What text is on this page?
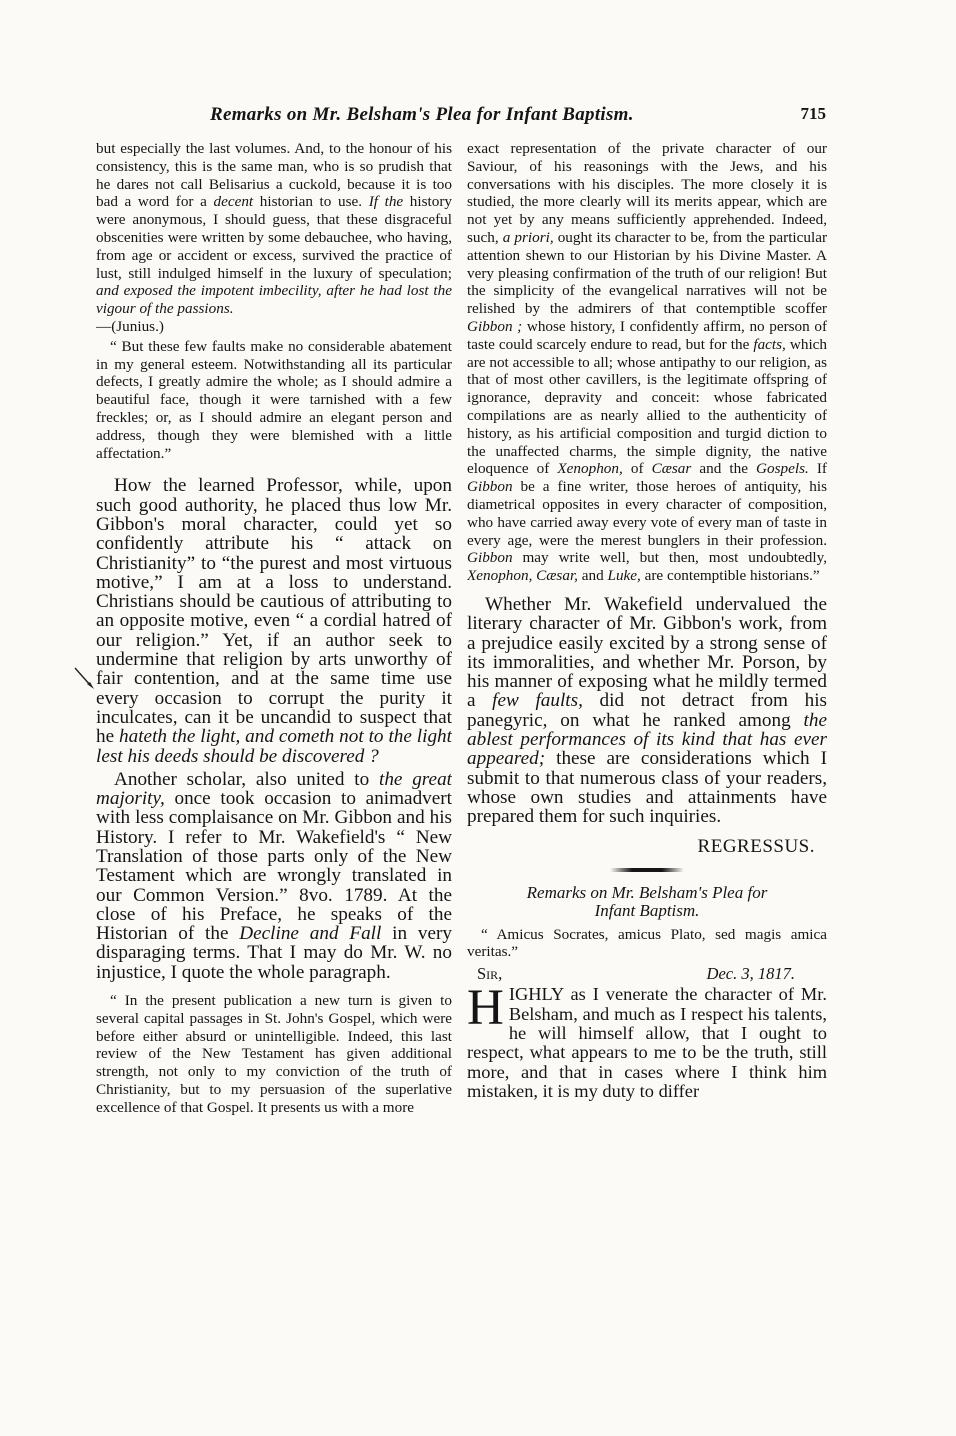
Remarks on Mr. Belsham's Plea for Infant Baptism.	715

but especially the last volumes. And, to the honour of his consistency, this is the same man, who is so prudish that he dares not call Belisarius a cuckold, because it is too bad a word for a decent historian to use. If the history were anonymous, I should guess, that these disgraceful obscenities were written by some debauchee, who having, from age or accident or excess, survived the practice of lust, still indulged himself in the luxury of speculation; and exposed the impotent imbecility, after he had lost the vigour of the passions.
—(Junius.)

“ But these few faults make no considerable abatement in my general esteem. Notwithstanding all its particular defects, I greatly admire the whole; as I should admire a beautiful face, though it were tarnished with a few freckles; or, as I should admire an elegant person and address, though they were blemished with a little affectation.”

How the learned Professor, while, upon such good authority, he placed thus low Mr. Gibbon's moral character, could yet so confidently attribute his “ attack on Christianity” to “the purest and most virtuous motive,” I am at a loss to understand. Christians should be cautious of attributing to an opposite motive, even “ a cordial hatred of our religion.” Yet, if an author seek to undermine that religion by arts unworthy of fair contention, and at the same time use every occasion to corrupt the purity it inculcates, can it be uncandid to suspect that he hateth the light, and cometh not to the light lest his deeds should be discovered ?

Another scholar, also united to the great majority, once took occasion to animadvert with less complaisance on Mr. Gibbon and his History. I refer to Mr. Wakefield's “ New Translation of those parts only of the New Testament which are wrongly translated in our Common Version.” 8vo. 1789. At the close of his Preface, he speaks of the Historian of the Decline and Fall in very disparaging terms. That I may do Mr. W. no injustice, I quote the whole paragraph.

“ In the present publication a new turn is given to several capital passages in St. John's Gospel, which were before either absurd or unintelligible. Indeed, this last review of the New Testament has given additional strength, not only to my conviction of the truth of Christianity, but to my persuasion of the superlative excellence of that Gospel. It presents us with a more

exact representation of the private character of our Saviour, of his reasonings with the Jews, and his conversations with his disciples. The more closely it is studied, the more clearly will its merits appear, which are not yet by any means sufficiently apprehended. Indeed, such, a priori, ought its character to be, from the particular attention shewn to our Historian by his Divine Master. A very pleasing confirmation of the truth of our religion! But the simplicity of the evangelical narratives will not be relished by the admirers of that contemptible scoffer Gibbon ; whose history, I confidently affirm, no person of taste could scarcely endure to read, but for the facts, which are not accessible to all; whose antipathy to our religion, as that of most other cavillers, is the legitimate offspring of ignorance, depravity and conceit: whose fabricated compilations are as nearly allied to the authenticity of history, as his artificial composition and turgid diction to the unaffected charms, the simple dignity, the native eloquence of Xenophon, of Cæsar and the Gospels. If Gibbon be a fine writer, those heroes of antiquity, his diametrical opposites in every character of composition, who have carried away every vote of every man of taste in every age, were the merest bunglers in their profession. Gibbon may write well, but then, most undoubtedly, Xenophon, Cæsar, and Luke, are contemptible historians.”

Whether Mr. Wakefield undervalued the literary character of Mr. Gibbon's work, from a prejudice easily excited by a strong sense of its immoralities, and whether Mr. Porson, by his manner of exposing what he mildly termed a few faults, did not detract from his panegyric, on what he ranked among the ablest performances of its kind that has ever appeared; these are considerations which I submit to that numerous class of your readers, whose own studies and attainments have prepared them for such inquiries.

REGRESSUS.

Remarks on Mr. Belsham's Plea for
Infant Baptism.

“ Amicus Socrates, amicus Plato, sed magis amica veritas.”

Sir,	Dec. 3, 1817.

HIGHLY as I venerate the character of Mr. Belsham, and much as I respect his talents, he will himself allow, that I ought to respect, what appears to me to be the truth, still more, and that in cases where I think him mistaken, it is my duty to differ
